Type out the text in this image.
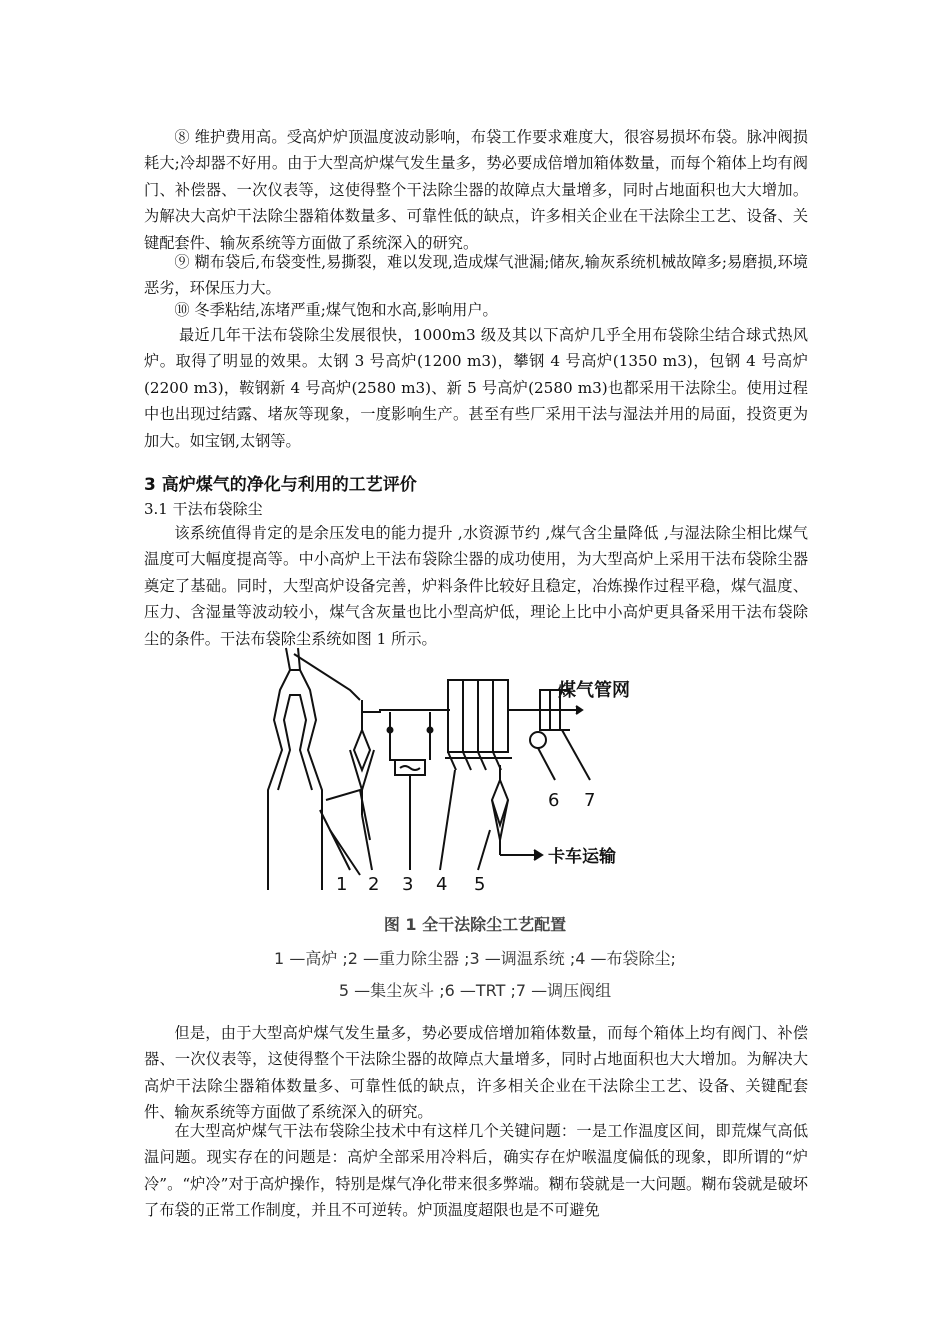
⑧ 维护费用高。受高炉炉顶温度波动影响，布袋工作要求难度大，很容易损坏布袋。脉冲阀损耗大;冷却器不好用。由于大型高炉煤气发生量多，势必要成倍增加箱体数量，而每个箱体上均有阀门、补偿器、一次仪表等，这使得整个干法除尘器的故障点大量增多，同时占地面积也大大增加。为解决大高炉干法除尘器箱体数量多、可靠性低的缺点，许多相关企业在干法除尘工艺、设备、关键配套件、输灰系统等方面做了系统深入的研究。

⑨ 糊布袋后,布袋变性,易撕裂，难以发现,造成煤气泄漏;储灰,输灰系统机械故障多;易磨损,环境恶劣，环保压力大。

⑩ 冬季粘结,冻堵严重;煤气饱和水高,影响用户。

最近几年干法布袋除尘发展很快，1000m3 级及其以下高炉几乎全用布袋除尘结合球式热风炉。取得了明显的效果。太钢 3 号高炉(1200 m3)，攀钢 4 号高炉(1350 m3)，包钢 4 号高炉(2200 m3)，鞍钢新 4 号高炉(2580 m3)、新 5 号高炉(2580 m3)也都采用干法除尘。使用过程中也出现过结露、堵灰等现象，一度影响生产。甚至有些厂采用干法与湿法并用的局面，投资更为加大。如宝钢,太钢等。

3 高炉煤气的净化与利用的工艺评价

3.1 干法布袋除尘

该系统值得肯定的是余压发电的能力提升 ,水资源节约 ,煤气含尘量降低 ,与湿法除尘相比煤气温度可大幅度提高等。中小高炉上干法布袋除尘器的成功使用，为大型高炉上采用干法布袋除尘器奠定了基础。同时，大型高炉设备完善，炉料条件比较好且稳定，冶炼操作过程平稳，煤气温度、压力、含湿量等波动较小，煤气含灰量也比小型高炉低，理论上比中小高炉更具备采用干法布袋除尘的条件。干法布袋除尘系统如图 1 所示。

煤气管网
卡车运输
1 2 3 4 5
6 7

图 1 全干法除尘工艺配置

1 —高炉 ;2 —重力除尘器 ;3 —调温系统 ;4 —布袋除尘;

5 —集尘灰斗 ;6 —TRT ;7 —调压阀组

但是，由于大型高炉煤气发生量多，势必要成倍增加箱体数量，而每个箱体上均有阀门、补偿器、一次仪表等，这使得整个干法除尘器的故障点大量增多，同时占地面积也大大增加。为解决大高炉干法除尘器箱体数量多、可靠性低的缺点，许多相关企业在干法除尘工艺、设备、关键配套件、输灰系统等方面做了系统深入的研究。

在大型高炉煤气干法布袋除尘技术中有这样几个关键问题：一是工作温度区间，即荒煤气高低温问题。现实存在的问题是：高炉全部采用冷料后，确实存在炉喉温度偏低的现象，即所谓的“炉冷”。“炉冷”对于高炉操作，特别是煤气净化带来很多弊端。糊布袋就是一大问题。糊布袋就是破坏了布袋的正常工作制度，并且不可逆转。炉顶温度超限也是不可避免
